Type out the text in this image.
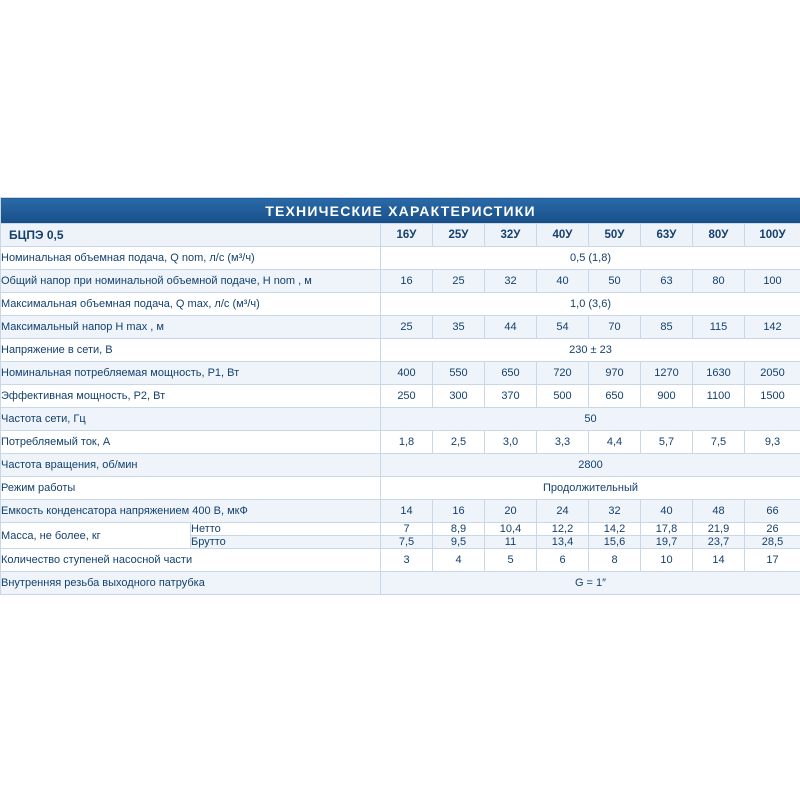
ТЕХНИЧЕСКИЕ ХАРАКТЕРИСТИКИ									
БЦПЭ 0,5		16У	25У	32У	40У	50У	63У	80У	100У
Номинальная объемная подача, Q nom, л/с (м³/ч)		0,5 (1,8)							
Общий напор при номинальной объемной подаче, H nom , м		16	25	32	40	50	63	80	100
Максимальная объемная подача, Q max, л/с (м³/ч)		1,0 (3,6)							
Максимальный напор H max , м		25	35	44	54	70	85	115	142
Напряжение в сети, В		230 ± 23							
Номинальная потребляемая мощность, P1, Вт		400	550	650	720	970	1270	1630	2050
Эффективная мощность, P2, Вт		250	300	370	500	650	900	1100	1500
Частота сети, Гц		50							
Потребляемый ток, А		1,8	2,5	3,0	3,3	4,4	5,7	7,5	9,3
Частота вращения, об/мин		2800							
Режим работы		Продолжительный							
Емкость конденсатора напряжением 400 В, мкФ		14	16	20	24	32	40	48	66
Масса, не более, кг	Нетто	7	8,9	10,4	12,2	14,2	17,8	21,9	26
	Брутто	7,5	9,5	11	13,4	15,6	19,7	23,7	28,5
Количество ступеней насосной части		3	4	5	6	8	10	14	17
Внутренняя резьба выходного патрубка		G = 1″							
